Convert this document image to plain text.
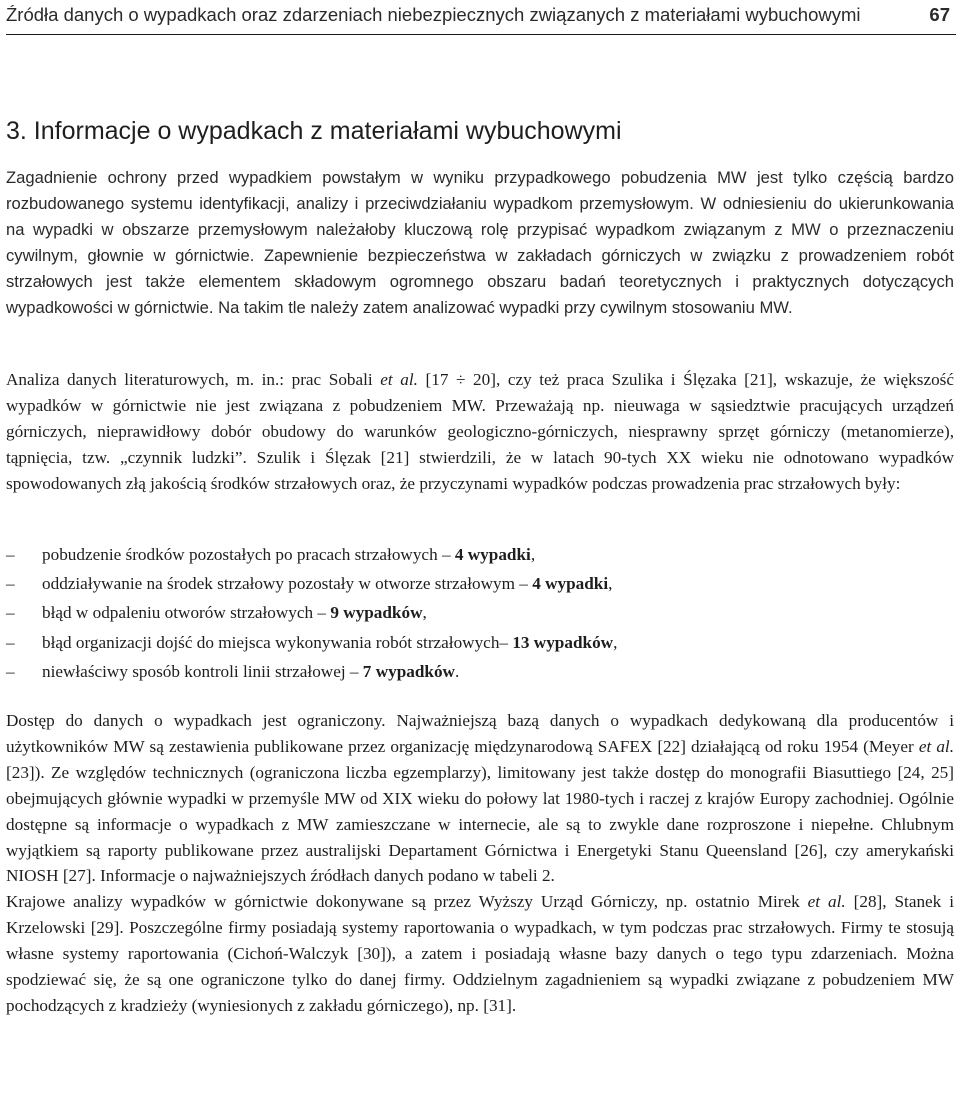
Źródła danych o wypadkach oraz zdarzeniach niebezpiecznych związanych z materiałami wybuchowymi	67
3. Informacje o wypadkach z materiałami wybuchowymi

Zagadnienie ochrony przed wypadkiem powstałym w wyniku przypadkowego pobudzenia MW jest tylko częścią bardzo rozbudowanego systemu identyfikacji, analizy i przeciwdziałaniu wypadkom przemysłowym. W odniesieniu do ukierunkowania na wypadki w obszarze przemysłowym należałoby kluczową rolę przypisać wypadkom związanym z MW o przeznaczeniu cywilnym, głownie w górnictwie. Zapewnienie bezpieczeństwa w zakładach górniczych w związku z prowadzeniem robót strzałowych jest także elementem składowym ogromnego obszaru badań teoretycznych i praktycznych dotyczących wypadkowości w górnictwie. Na takim tle należy zatem analizować wypadki przy cywilnym stosowaniu MW.

Analiza danych literaturowych, m. in.: prac Sobali et al. [17 ÷ 20], czy też praca Szulika i Ślęzaka [21], wskazuje, że większość wypadków w górnictwie nie jest związana z pobudzeniem MW. Przeważają np. nieuwaga w sąsiedztwie pracujących urządzeń górniczych, nieprawidłowy dobór obudowy do warunków geologiczno-górniczych, niesprawny sprzęt górniczy (metanomierze), tąpnięcia, tzw. „czynnik ludzki”. Szulik i Ślęzak [21] stwierdzili, że w latach 90-tych XX wieku nie odnotowano wypadków spowodowanych złą jakością środków strzałowych oraz, że przyczynami wypadków podczas prowadzenia prac strzałowych były:

– pobudzenie środków pozostałych po pracach strzałowych – 4 wypadki,
– oddziaływanie na środek strzałowy pozostały w otworze strzałowym – 4 wypadki,
– błąd w odpaleniu otworów strzałowych – 9 wypadków,
– błąd organizacji dojść do miejsca wykonywania robót strzałowych– 13 wypadków,
– niewłaściwy sposób kontroli linii strzałowej – 7 wypadków.

Dostęp do danych o wypadkach jest ograniczony. Najważniejszą bazą danych o wypadkach dedykowaną dla producentów i użytkowników MW są zestawienia publikowane przez organizację międzynarodową SAFEX [22] działającą od roku 1954 (Meyer et al. [23]). Ze względów technicznych (ograniczona liczba egzemplarzy), limitowany jest także dostęp do monografii Biasuttiego [24, 25] obejmujących głównie wypadki w przemyśle MW od XIX wieku do połowy lat 1980-tych i raczej z krajów Europy zachodniej. Ogólnie dostępne są informacje o wypadkach z MW zamieszczane w internecie, ale są to zwykle dane rozproszone i niepełne. Chlubnym wyjątkiem są raporty publikowane przez australijski Departament Górnictwa i Energetyki Stanu Queensland [26], czy amerykański NIOSH [27]. Informacje o najważniejszych źródłach danych podano w tabeli 2.
Krajowe analizy wypadków w górnictwie dokonywane są przez Wyższy Urząd Górniczy, np. ostatnio Mirek et al. [28], Stanek i Krzelowski [29]. Poszczególne firmy posiadają systemy raportowania o wypadkach, w tym podczas prac strzałowych. Firmy te stosują własne systemy raportowania (Cichoń-Walczyk [30]), a zatem i posiadają własne bazy danych o tego typu zdarzeniach. Można spodziewać się, że są one ograniczone tylko do danej firmy. Oddzielnym zagadnieniem są wypadki związane z pobudzeniem MW pochodzących z kradzieży (wyniesionych z zakładu górniczego), np. [31].
